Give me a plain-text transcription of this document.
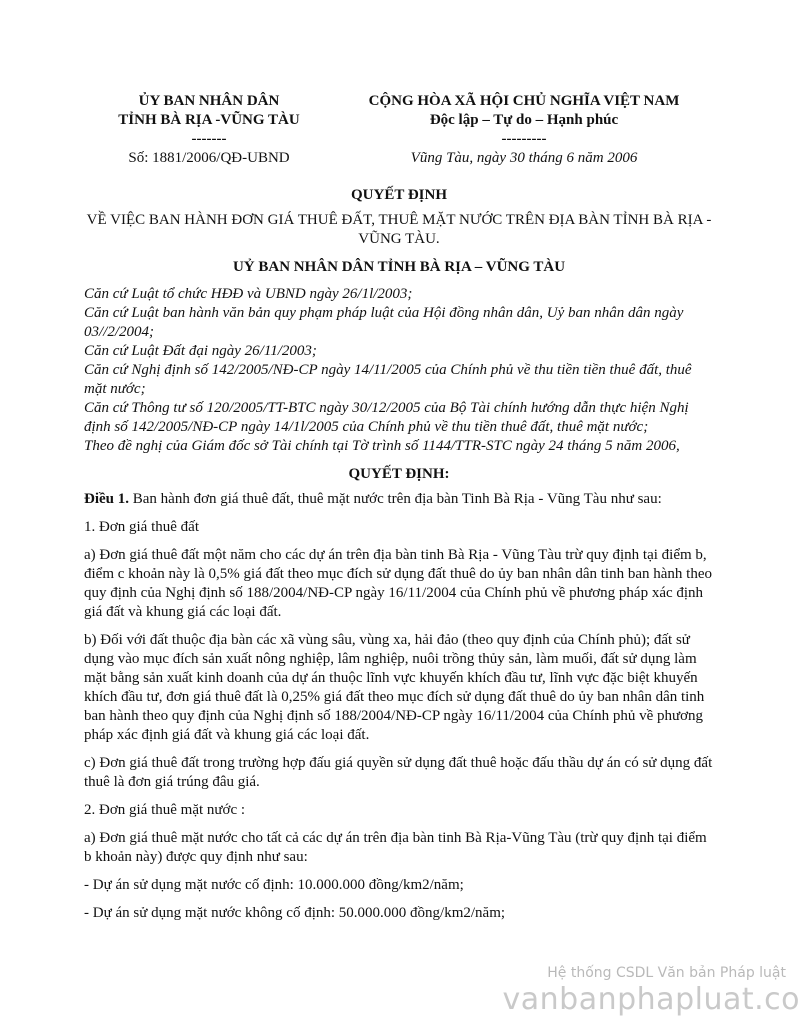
ỦY BAN NHÂN DÂN
TỈNH BÀ RỊA -VŨNG TÀU
-------
Số: 1881/2006/QĐ-UBND
CỘNG HÒA XÃ HỘI CHỦ NGHĨA VIỆT NAM
Độc lập – Tự do – Hạnh phúc
---------
Vũng Tàu, ngày 30 tháng 6 năm 2006
QUYẾT ĐỊNH
VỀ VIỆC BAN HÀNH ĐƠN GIÁ THUÊ ĐẤT, THUÊ MẶT NƯỚC TRÊN ĐỊA BÀN TỈNH BÀ RỊA - VŨNG TÀU.
UỶ BAN NHÂN DÂN TỈNH BÀ RỊA – VŨNG TÀU

Căn cứ Luật tổ chức HĐĐ và UBND ngày 26/1l/2003;

Căn cứ Luật ban hành văn bản quy phạm pháp luật của Hội đồng nhân dân, Uỷ ban nhân dân ngày 03//2/2004;

Căn cứ Luật Đất đại ngày 26/11/2003;

Căn cứ Nghị định số 142/2005/NĐ-CP ngày 14/11/2005 của Chính phủ về thu tiền tiền thuê đất, thuê mặt nước;

Căn cứ Thông tư số 120/2005/TT-BTC ngày 30/12/2005 của Bộ Tài chính hướng dẫn thực hiện Nghị định số 142/2005/NĐ-CP ngày 14/1l/2005 của Chính phủ về thu tiền thuê đất, thuê mặt nước;

Theo đề nghị của Giám đốc sở Tài chính tại Tờ trình số 1144/TTR-STC ngày 24 tháng 5 năm 2006,

QUYẾT ĐỊNH:

Điều 1. Ban hành đơn giá thuê đất, thuê mặt nước trên địa bàn Tinh Bà Rịa - Vũng Tàu như sau:

1. Đơn giá thuê đất

a) Đơn giá thuê đất một năm cho các dự án trên địa bàn tinh Bà Rịa - Vũng Tàu trừ quy định tại điểm b, điểm c khoản này là 0,5% giá đất theo mục đích sử dụng đất thuê do ủy ban nhân dân tinh ban hành theo quy định của Nghị định số 188/2004/NĐ-CP ngày 16/11/2004 của Chính phủ về phương pháp xác định giá đất và khung giá các loại đất.

b) Đối với đất thuộc địa bàn các xã vùng sâu, vùng xa, hải đảo (theo quy định của Chính phủ); đất sử dụng vào mục đích sản xuất nông nghiệp, lâm nghiệp, nuôi trồng thủy sản, làm muối, đất sử dụng làm mặt bằng sản xuất kinh doanh của dự án thuộc lĩnh vực khuyến khích đầu tư, lĩnh vực đặc biệt khuyến khích đầu tư, đơn giá thuê đất là 0,25% giá đất theo mục đích sử dụng đất thuê do ủy ban nhân dân tinh ban hành theo quy định của Nghị định số 188/2004/NĐ-CP ngày 16/11/2004 của Chính phủ về phương pháp xác định giá đất và khung giá các loại đất.

c) Đơn giá thuê đất trong trường hợp đấu giá quyền sử dụng đất thuê hoặc đấu thầu dự án có sử dụng đất thuê là đơn giá trúng đâu giá.

2. Đơn giá thuê mặt nước :

a) Đơn giá thuê mặt nước cho tất cả các dự án trên địa bàn tinh Bà Rịa-Vũng Tàu (trừ quy định tại điểm b khoản này) được quy định như sau:

- Dự án sử dụng mặt nước cố định: 10.000.000 đồng/km2/năm;

- Dự án sử dụng mặt nước không cố định: 50.000.000 đồng/km2/năm;

Hệ thống CSDL Văn bản Pháp luật
vanbanphapluat.co
